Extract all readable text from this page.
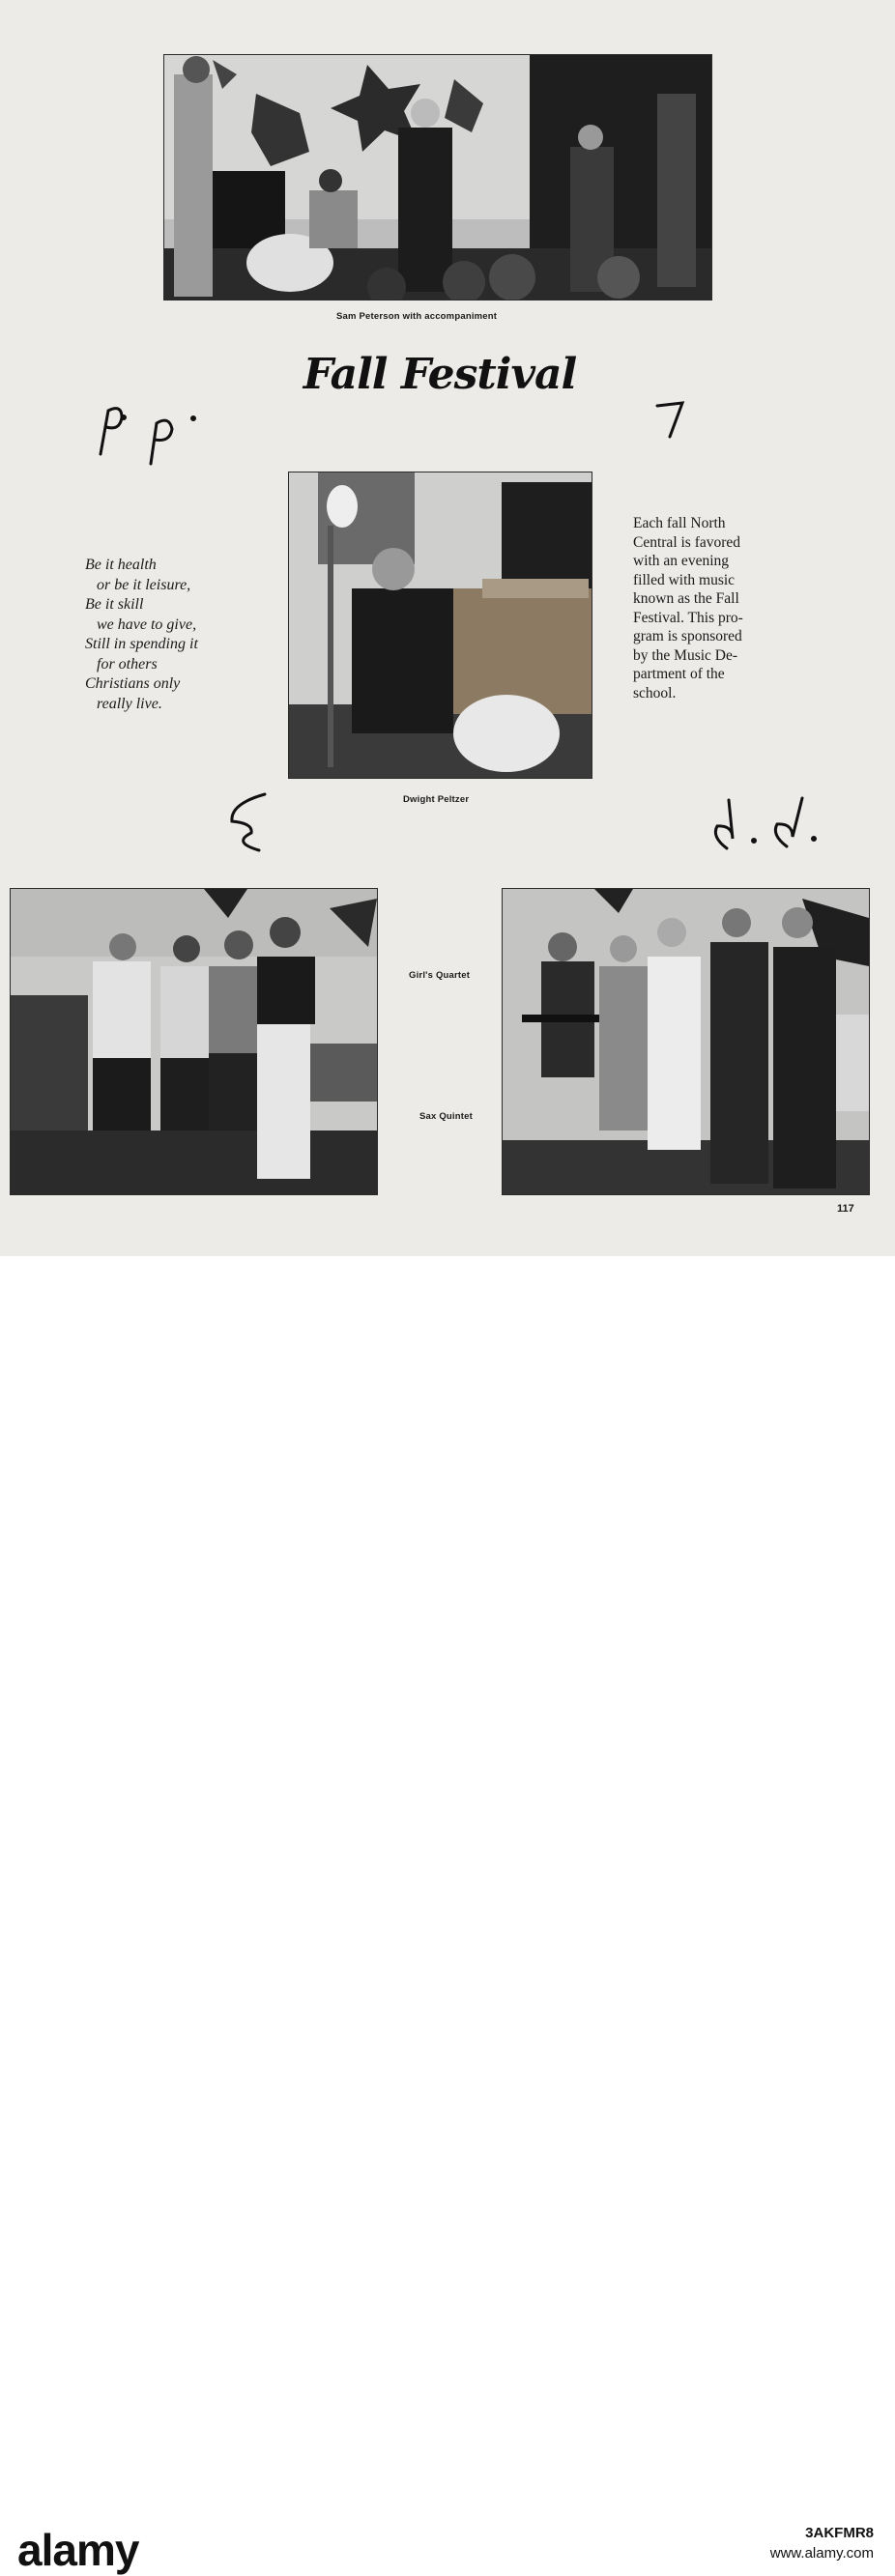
Sam Peterson with accompaniment
Fall Festival
Be it health
or be it leisure,
Be it skill
we have to give,
Still in spending it
for others
Christians only
really live.
Dwight Peltzer
Each fall North
Central is favored
with an evening
filled with music
known as the Fall
Festival. This pro-
gram is sponsored
by the Music De-
partment of the
school.
Girl's Quartet
Sax Quintet
117
alamy	3AKFMR8
www.alamy.com
